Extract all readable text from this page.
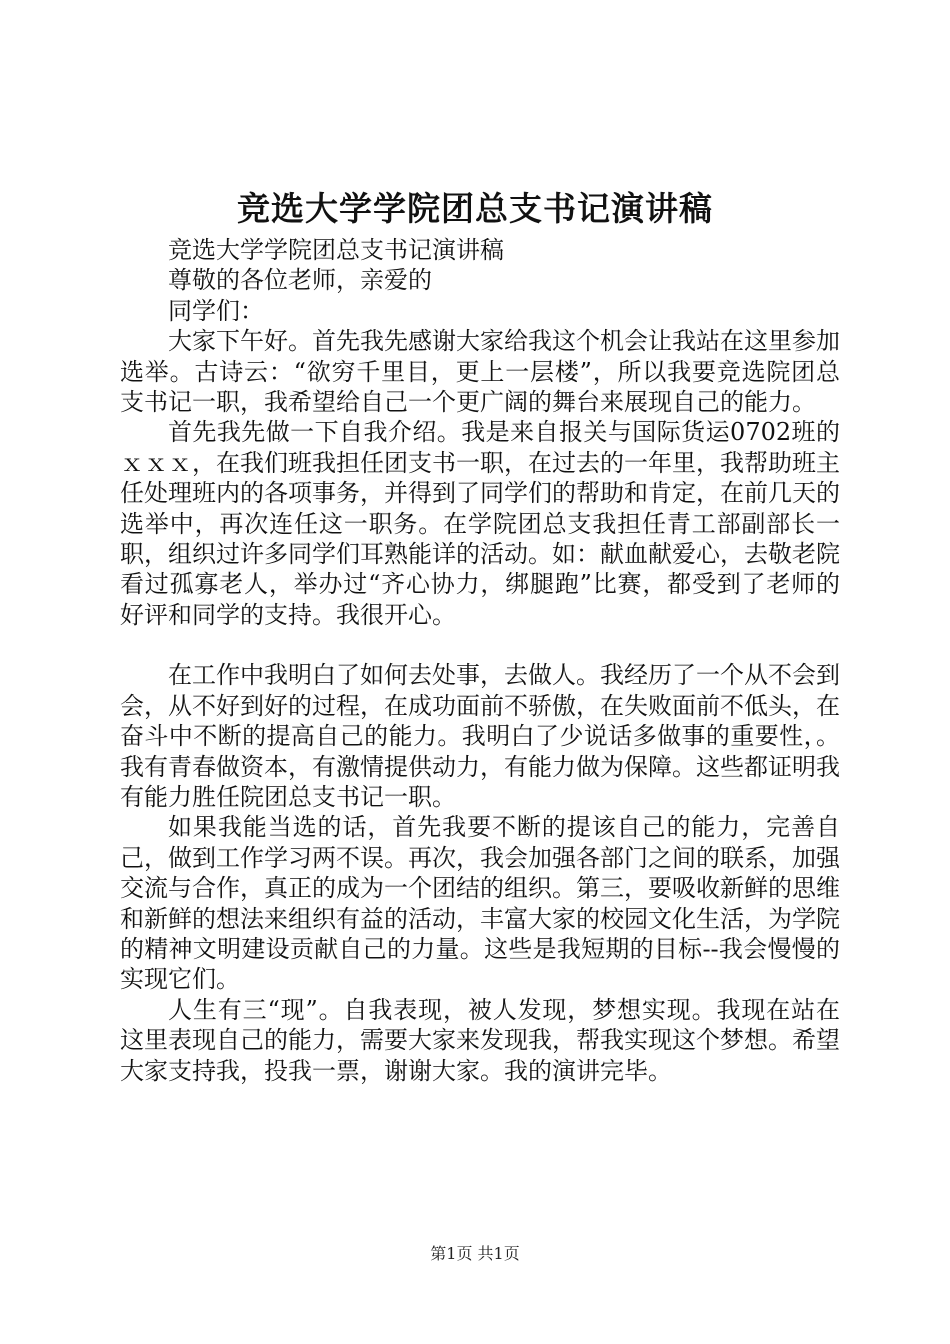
竞选大学学院团总支书记演讲稿

竞选大学学院团总支书记演讲稿

尊敬的各位老师，亲爱的

同学们：

大家下午好。首先我先感谢大家给我这个机会让我站在这里参加选举。古诗云：“欲穷千里目，更上一层楼”，所以我要竞选院团总支书记一职，我希望给自己一个更广阔的舞台来展现自己的能力。

首先我先做一下自我介绍。我是来自报关与国际货运0702班的ｘｘｘ，在我们班我担任团支书一职，在过去的一年里，我帮助班主任处理班内的各项事务，并得到了同学们的帮助和肯定，在前几天的选举中，再次连任这一职务。在学院团总支我担任青工部副部长一职，组织过许多同学们耳熟能详的活动。如：献血献爱心，去敬老院看过孤寡老人，举办过“齐心协力，绑腿跑”比赛，都受到了老师的好评和同学的支持。我很开心。

在工作中我明白了如何去处事，去做人。我经历了一个从不会到会，从不好到好的过程，在成功面前不骄傲，在失败面前不低头，在奋斗中不断的提高自己的能力。我明白了少说话多做事的重要性，。我有青春做资本，有激情提供动力，有能力做为保障。这些都证明我有能力胜任院团总支书记一职。

如果我能当选的话，首先我要不断的提该自己的能力，完善自己，做到工作学习两不误。再次，我会加强各部门之间的联系，加强交流与合作，真正的成为一个团结的组织。第三，要吸收新鲜的思维和新鲜的想法来组织有益的活动，丰富大家的校园文化生活，为学院的精神文明建设贡献自己的力量。这些是我短期的目标--我会慢慢的实现它们。

人生有三“现”。自我表现，被人发现，梦想实现。我现在站在这里表现自己的能力，需要大家来发现我，帮我实现这个梦想。希望大家支持我，投我一票，谢谢大家。我的演讲完毕。

第1页 共1页
